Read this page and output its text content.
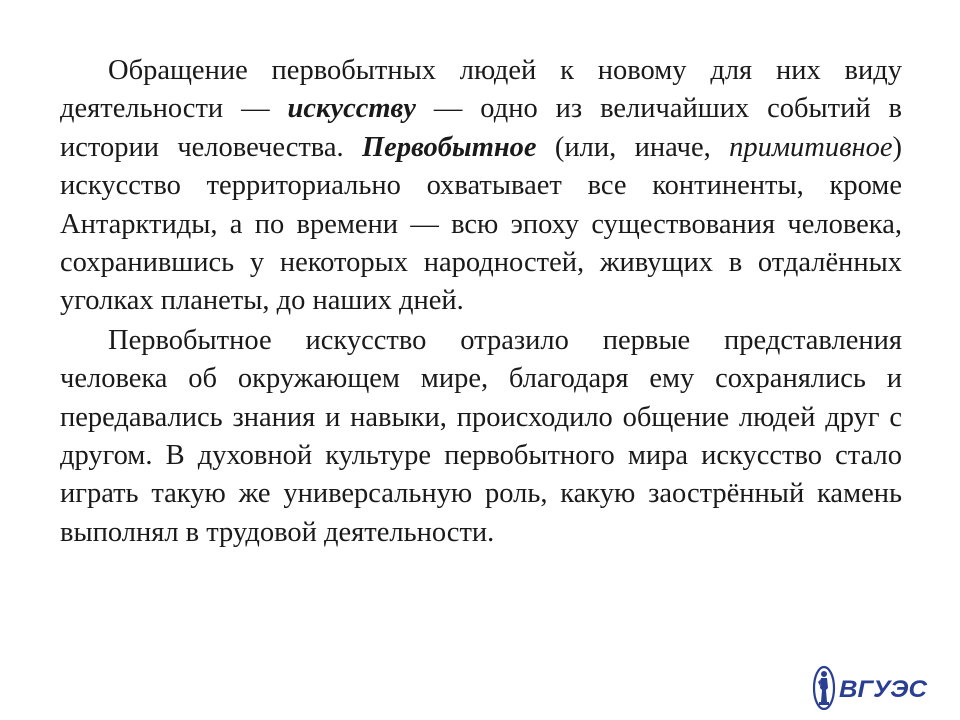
Обращение первобытных людей к новому для них виду деятельности — искусству — одно из величайших событий в истории человечества. Первобытное (или, иначе, примитивное) искусство территориально охватывает все континенты, кроме Антарктиды, а по времени — всю эпоху существования человека, сохранившись у некоторых народностей, живущих в отдалённых уголках планеты, до наших дней.

Первобытное искусство отразило первые представления человека об окружающем мире, благодаря ему сохранялись и передавались знания и навыки, происходило общение людей друг с другом. В духовной культуре первобытного мира искусство стало играть такую же универсальную роль, какую заострённый камень выполнял в трудовой деятельности.

ВГУЭС
